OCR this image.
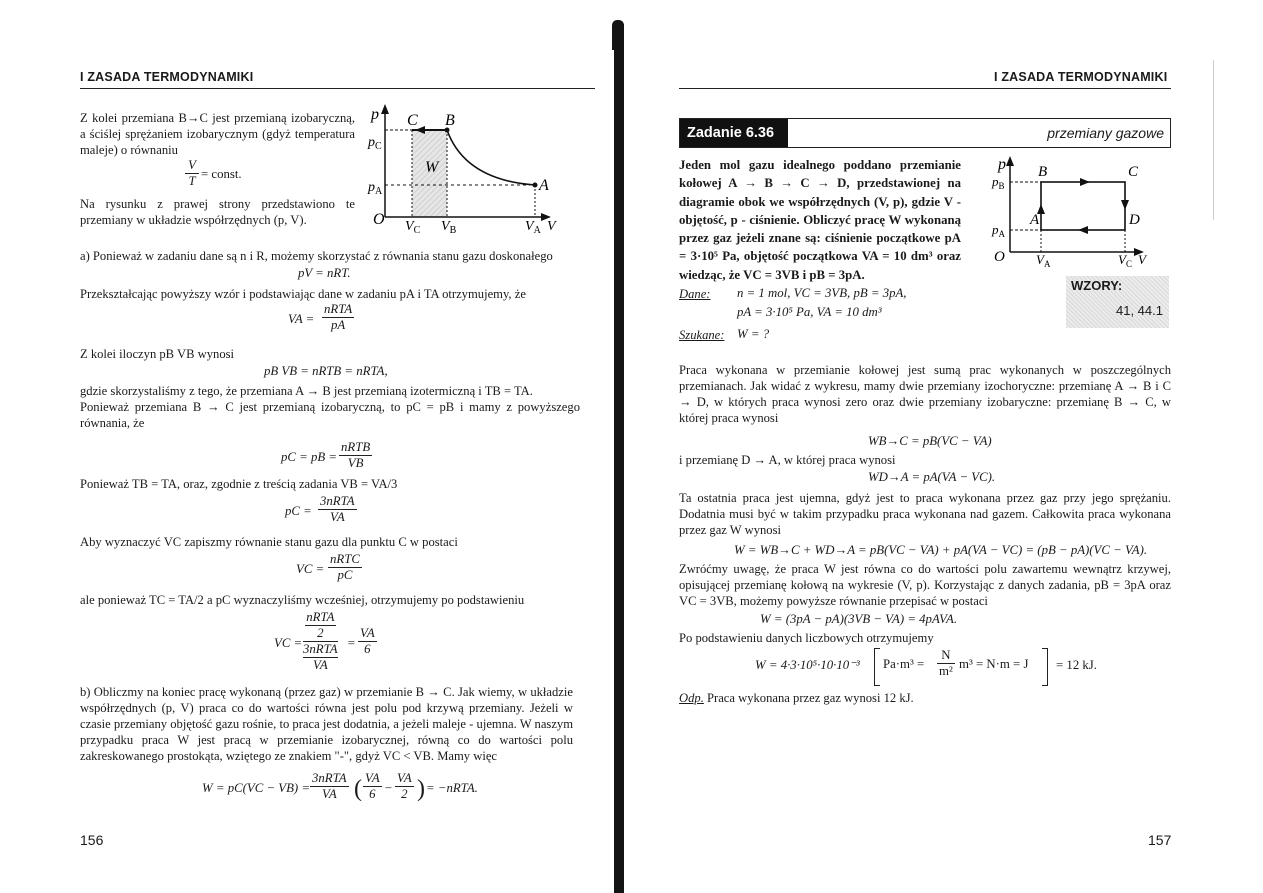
I ZASADA TERMODYNAMIKI
Z kolei przemiana B→C jest przemianą izobaryczną, a ściślej sprężaniem izobarycznym (gdyż temperatura maleje) o równaniu
$\frac{V}{T}$ = const.
Na rysunku z prawej strony przedstawiono te przemiany w układzie współrzędnych (p, V).
p
$p_C$
$p_A$
O
C B
A
W
$V_C$ $V_B$	$V_A$ V
a) Ponieważ w zadaniu dane są n i R, możemy skorzystać z równania stanu gazu doskonałego
pV = nRT.
Przekształcając powyższy wzór i podstawiając dane w zadaniu pA i TA otrzymujemy, że
VA =
nRTA
pA
Z kolei iloczyn pB VB wynosi
pB VB = nRTB = nRTA,
gdzie skorzystaliśmy z tego, że przemiana A → B jest przemianą izotermiczną i TB = TA.
Ponieważ przemiana B → C jest przemianą izobaryczną, to pC = pB i mamy z powyższego równania, że
pC = pB =
nRTB
VB
Ponieważ TB = TA, oraz, zgodnie z treścią zadania VB = VA/3
pC =
3nRTA
VA
Aby wyznaczyć VC zapiszmy równanie stanu gazu dla punktu C w postaci
VC =
nRTC
pC
ale ponieważ TC = TA/2 a pC wyznaczyliśmy wcześniej, otrzymujemy po podstawieniu
VC =
nRTA
2
3nRTA
VA
= $\frac{VA}{6}$
b) Obliczmy na koniec pracę wykonaną (przez gaz) w przemianie B → C. Jak wiemy, w układzie współrzędnych (p, V) praca co do wartości równa jest polu pod krzywą przemiany. Jeżeli w czasie przemiany objętość gazu rośnie, to praca jest dodatnia, a jeżeli maleje - ujemna. W naszym przypadku praca W jest pracą w przemianie izobarycznej, równą co do wartości polu zakreskowanego prostokąta, wziętego ze znakiem "-", gdyż VC < VB. Mamy więc
W = pC(VC − VB) =
3nRTA
VA ( $\frac{VA}{6} - \frac{VA}{2}$ ) = −nRTA.
156
I ZASADA TERMODYNAMIKI
Zadanie 6.36	przemiany gazowe
Jeden mol gazu idealnego poddano przemianie kołowej A → B → C → D, przedstawionej na diagramie obok we współrzędnych (V, p), gdzie V - objętość, p - ciśnienie. Obliczyć pracę W wykonaną przez gaz jeżeli znane są: ciśnienie początkowe pA = 3·10⁵ Pa, objętość początkowa VA = 10 dm³ oraz wiedząc, że VC = 3VB i pB = 3pA.
p
$p_B$
$p_A$
O
B	C
A	D
$V_A$	$V_C$ V
WZORY:
41, 44.1
Dane: n = 1 mol, VC = 3VB, pB = 3pA,
pA = 3·10⁵ Pa, VA = 10 dm³
Szukane: W = ?
Praca wykonana w przemianie kołowej jest sumą prac wykonanych w poszczególnych przemianach. Jak widać z wykresu, mamy dwie przemiany izochoryczne: przemianę A → B i C → D, w których praca wynosi zero oraz dwie przemiany izobaryczne: przemianę B → C, w której praca wynosi
WB→C = pB(VC − VA)
i przemianę D → A, w której praca wynosi
WD→A = pA(VA − VC).
Ta ostatnia praca jest ujemna, gdyż jest to praca wykonana przez gaz przy jego sprężaniu. Dodatnia musi być w takim przypadku praca wykonana nad gazem. Całkowita praca wykonana przez gaz W wynosi
W = WB→C + WD→A = pB(VC − VA) + pA(VA − VC) = (pB − pA)(VC − VA).
Zwróćmy uwagę, że praca W jest równa co do wartości polu zawartemu wewnątrz krzywej, opisującej przemianę kołową na wykresie (V, p). Korzystając z danych zadania, pB = 3pA oraz VC = 3VB, możemy powyższe równanie przepisać w postaci
W = (3pA − pA)(3VB − VA) = 4pAVA.
Po podstawieniu danych liczbowych otrzymujemy
W = 4·3·10⁵·10·10⁻³ $Pa\cdot m^3 = \frac{N}{\text{m²}} m^3 = N\cdot m = J = 12$ kJ.
Odp. Praca wykonana przez gaz wynosi 12 kJ.
157
